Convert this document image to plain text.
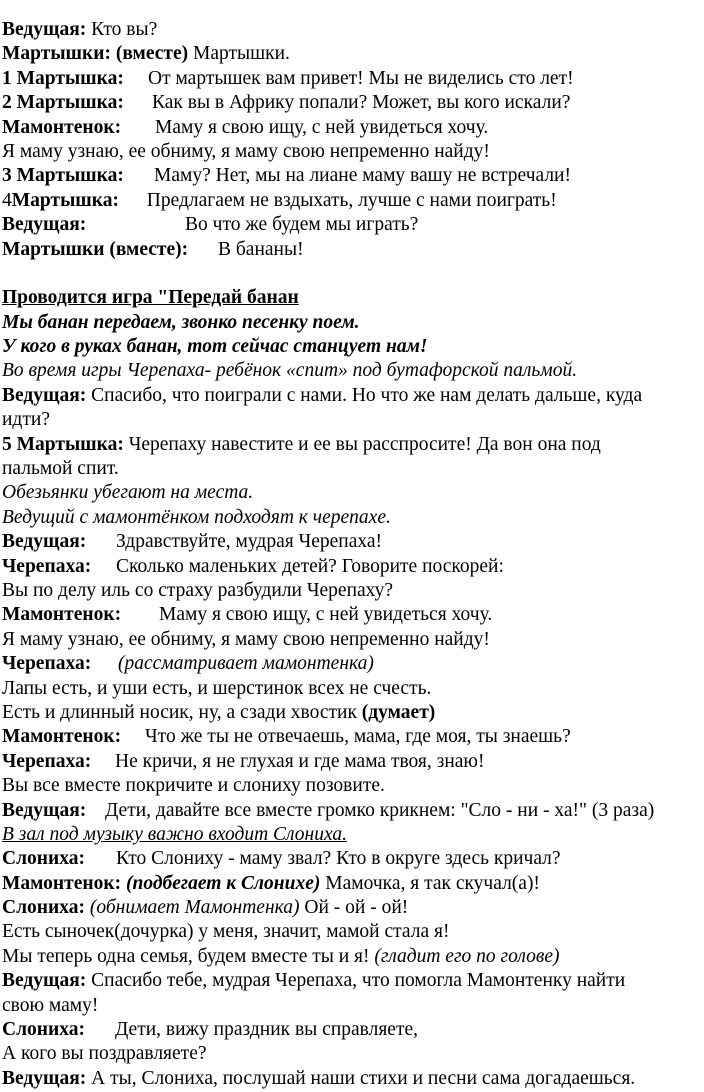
Ведущая: Кто вы?
Мартышки: (вместе) Мартышки.
1 Мартышка: От мартышек вам привет! Мы не виделись сто лет!
2 Мартышка: Как вы в Африку попали? Может, вы кого искали?
Мамонтенок: Маму я свою ищу, с ней увидеться хочу.
Я маму узнаю, ее обниму, я маму свою непременно найду!
3 Мартышка: Маму? Нет, мы на лиане маму вашу не встречали!
4Мартышка: Предлагаем не вздыхать, лучше с нами поиграть!
Ведущая:	Во что же будем мы играть?
Мартышки (вместе): В бананы!
Проводится игра "Передай банан
Мы банан передаем, звонко песенку поем.
У кого в руках банан, тот сейчас станцует нам!
Во время игры Черепаха- ребёнок «спит» под бутафорской пальмой.
Ведущая: Спасибо, что поиграли с нами. Но что же нам делать дальше, куда
идти?
5 Мартышка: Черепаху навестите и ее вы расспросите! Да вон она под
пальмой спит.
Обезьянки убегают на места.
Ведущий с мамонтёнком подходят к черепахе.
Ведущая: Здравствуйте, мудрая Черепаха!
Черепаха: Сколько маленьких детей? Говорите поскорей:
Вы по делу иль со страху разбудили Черепаху?
Мамонтенок: Маму я свою ищу, с ней увидеться хочу.
Я маму узнаю, ее обниму, я маму свою непременно найду!
Черепаха: (рассматривает мамонтенка)
Лапы есть, и уши есть, и шерстинок всех не счесть.
Есть и длинный носик, ну, а сзади хвостик (думает)
Мамонтенок: Что же ты не отвечаешь, мама, где моя, ты знаешь?
Черепаха: Не кричи, я не глухая и где мама твоя, знаю!
Вы все вместе покричите и слониху позовите.
Ведущая: Дети, давайте все вместе громко крикнем: "Сло - ни - ха!" (3 раза)
В зал под музыку важно входит Слониха.
Слониха: Кто Слониху - маму звал? Кто в округе здесь кричал?
Мамонтенок: (подбегает к Слонихе) Мамочка, я так скучал(а)!
Слониха: (обнимает Мамонтенка) Ой - ой - ой!
Есть сыночек(дочурка) у меня, значит, мамой стала я!
Мы теперь одна семья, будем вместе ты и я! (гладит его по голове)
Ведущая: Спасибо тебе, мудрая Черепаха, что помогла Мамонтенку найти
свою маму!
Слониха: Дети, вижу праздник вы справляете,
А кого вы поздравляете?
Ведущая: А ты, Слониха, послушай наши стихи и песни сама догадаешься.
